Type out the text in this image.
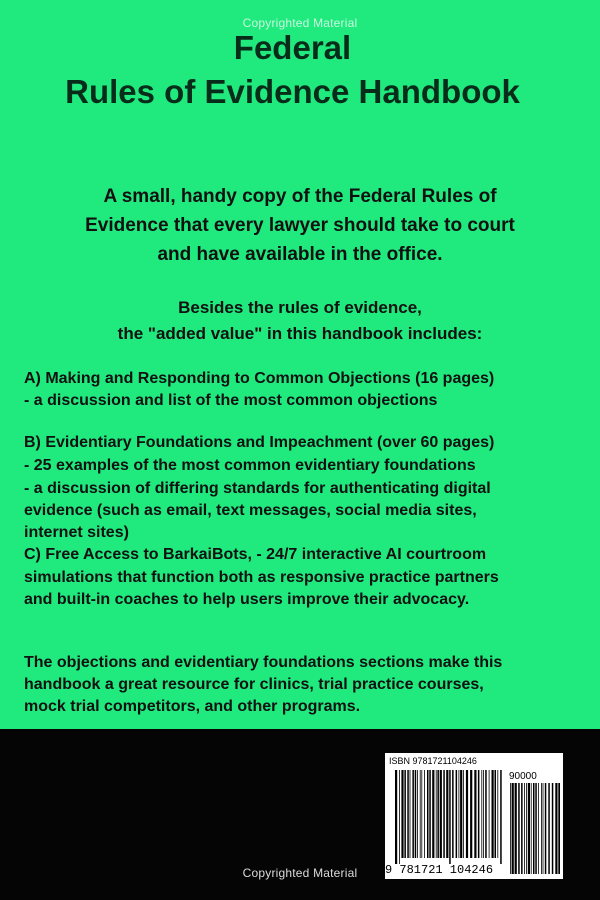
Copyrighted Material
Federal
Rules of Evidence Handbook
A small, handy copy of the Federal Rules of
Evidence that every lawyer should take to court
and have available in the office.
Besides the rules of evidence,
the "added value" in this handbook includes:
A) Making and Responding to Common Objections (16 pages)
- a discussion and list of the most common objections
B) Evidentiary Foundations and Impeachment (over 60 pages)
- 25 examples of the most common evidentiary foundations
- a discussion of differing standards for authenticating digital
evidence (such as email, text messages, social media sites,
internet sites)
C) Free Access to BarkaiBots, - 24/7 interactive AI courtroom
simulations that function both as responsive practice partners
and built-in coaches to help users improve their advocacy.
The objections and evidentiary foundations sections make this
handbook a great resource for clinics, trial practice courses,
mock trial competitors, and other programs.
ISBN 9781721104246
90000
9 781721 104246
Copyrighted Material
